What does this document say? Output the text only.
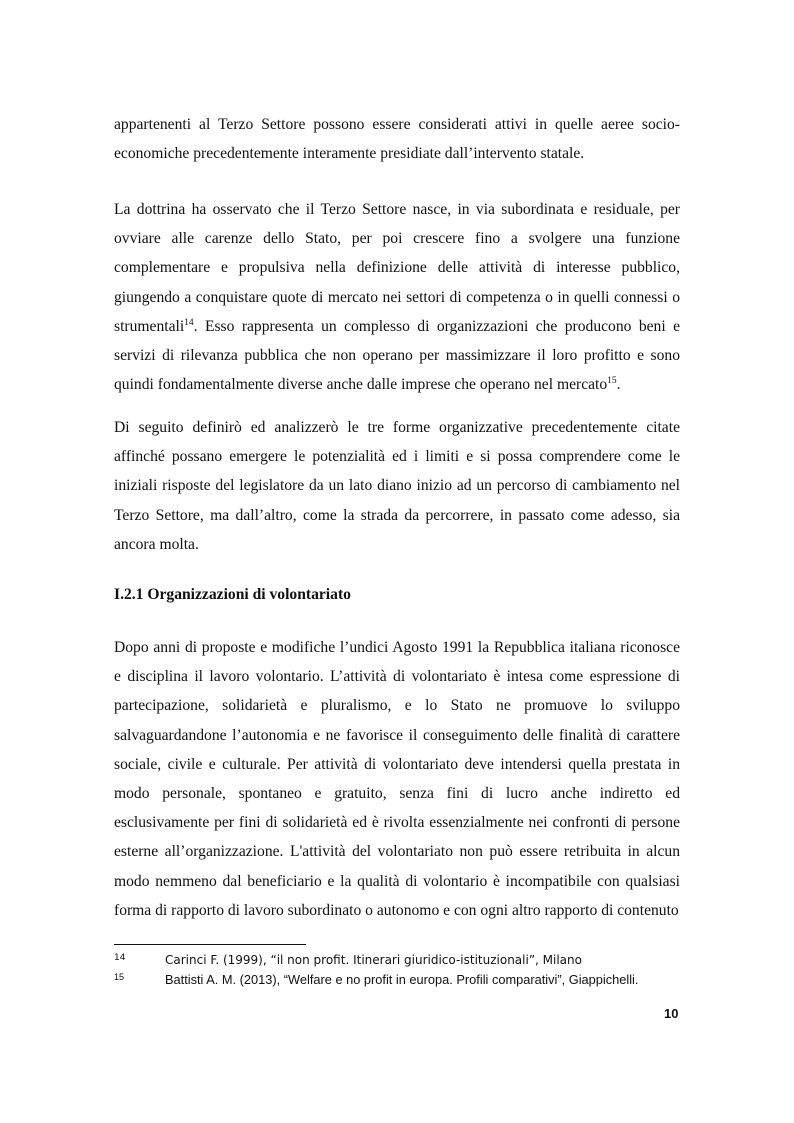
appartenenti al Terzo Settore possono essere considerati attivi in quelle aeree socio-economiche precedentemente interamente presidiate dall’intervento statale.

La dottrina ha osservato che il Terzo Settore nasce, in via subordinata e residuale, per ovviare alle carenze dello Stato, per poi crescere fino a svolgere una funzione complementare e propulsiva nella definizione delle attività di interesse pubblico, giungendo a conquistare quote di mercato nei settori di competenza o in quelli connessi o strumentali$^{14}$. Esso rappresenta un complesso di organizzazioni che producono beni e servizi di rilevanza pubblica che non operano per massimizzare il loro profitto e sono quindi fondamentalmente diverse anche dalle imprese che operano nel mercato$^{15}$.

Di seguito definirò ed analizzerò le tre forme organizzative precedentemente citate affinché possano emergere le potenzialità ed i limiti e si possa comprendere come le iniziali risposte del legislatore da un lato diano inizio ad un percorso di cambiamento nel Terzo Settore, ma dall’altro, come la strada da percorrere, in passato come adesso, sia ancora molta.

I.2.1 Organizzazioni di volontariato

Dopo anni di proposte e modifiche l’undici Agosto 1991 la Repubblica italiana riconosce e disciplina il lavoro volontario. L’attività di volontariato è intesa come espressione di partecipazione, solidarietà e pluralismo, e lo Stato ne promuove lo sviluppo salvaguardandone l’autonomia e ne favorisce il conseguimento delle finalità di carattere sociale, civile e culturale. Per attività di volontariato deve intendersi quella prestata in modo personale, spontaneo e gratuito, senza fini di lucro anche indiretto ed esclusivamente per fini di solidarietà ed è rivolta essenzialmente nei confronti di persone esterne all’organizzazione. L'attività del volontariato non può essere retribuita in alcun modo nemmeno dal beneficiario e la qualità di volontario è incompatibile con qualsiasi forma di rapporto di lavoro subordinato o autonomo e con ogni altro rapporto di contenuto

14	Carinci F. (1999), “il non profit. Itinerari giuridico-istituzionali”, Milano
15	Battisti A. M. (2013), “Welfare e no profit in europa. Profili comparativi”, Giappichelli.
10
